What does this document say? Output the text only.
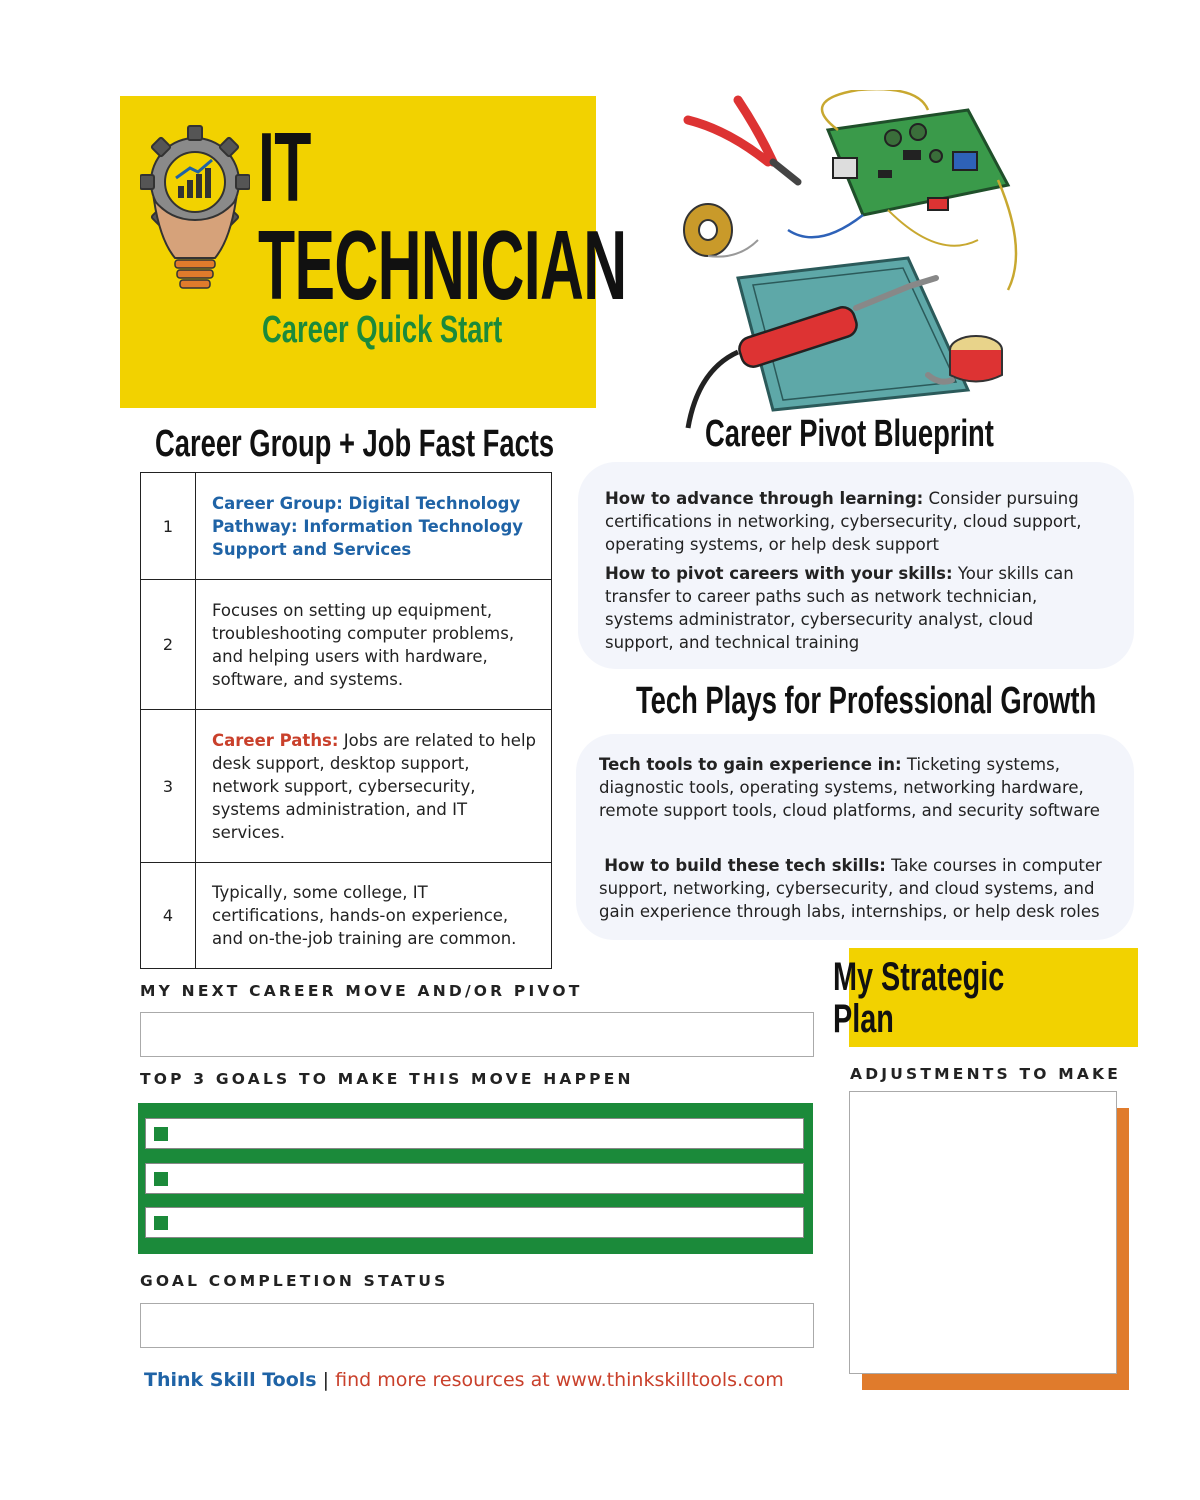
IT
TECHNICIAN
Career Quick Start
Career Group + Job Fast Facts	Career Pivot Blueprint
Tech Plays for Professional Growth
1
Career Group: Digital Technology Pathway: Information Technology Support and Services
2
Focuses on setting up equipment, troubleshooting computer problems, and helping users with hardware, software, and systems.
3
Career Paths: Jobs are related to help desk support, desktop support, network support, cybersecurity, systems administration, and IT services.
4
Typically, some college, IT certifications, hands-on experience, and on-the-job training are common.

How to advance through learning: Consider pursuing certifications in networking, cybersecurity, cloud support, operating systems, or help desk support

How to pivot careers with your skills: Your skills can transfer to career paths such as network technician, systems administrator, cybersecurity analyst, cloud support, and technical training

Tech tools to gain experience in: Ticketing systems, diagnostic tools, operating systems, networking hardware, remote support tools, cloud platforms, and security software

How to build these tech skills: Take courses in computer support, networking, cybersecurity, and cloud systems, and gain experience through labs, internships, or help desk roles

MY NEXT CAREER MOVE AND/OR PIVOT
TOP 3 GOALS TO MAKE THIS MOVE HAPPEN
GOAL COMPLETION STATUS
My Strategic
Plan
ADJUSTMENTS TO MAKE
Think Skill Tools | find more resources at www.thinkskilltools.com
